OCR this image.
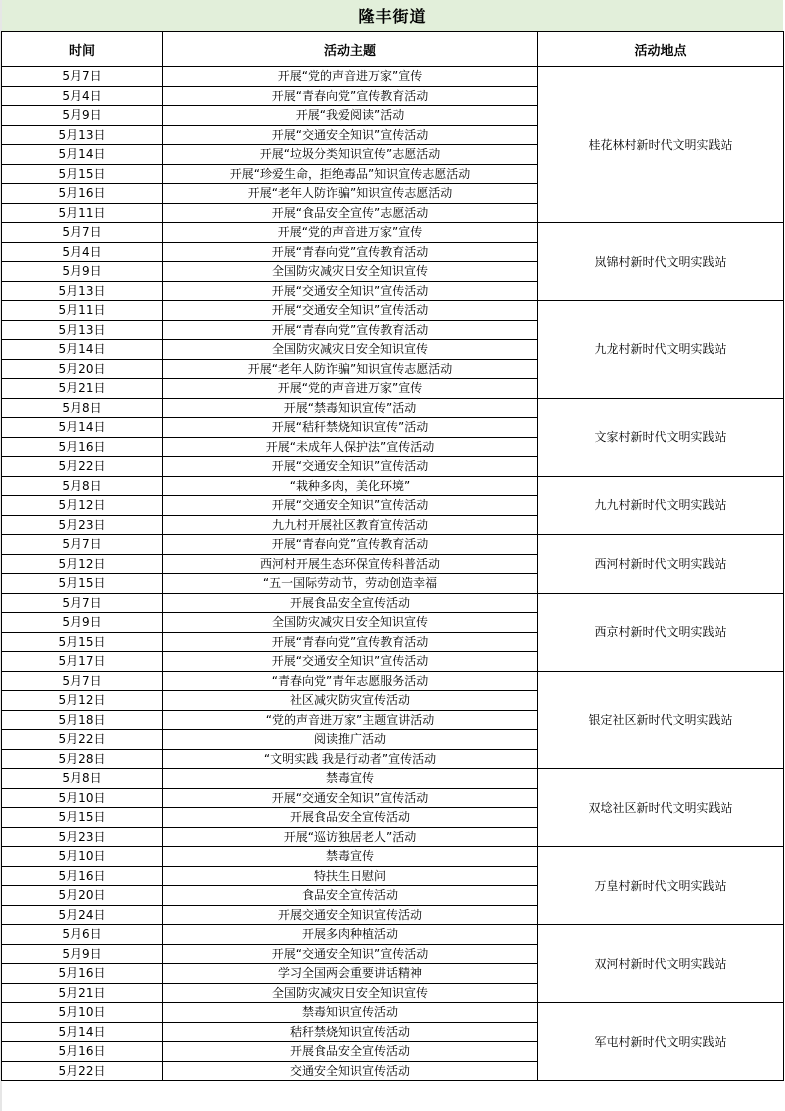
隆丰街道
时间	活动主题	活动地点
5月7日	开展“党的声音进万家”宣传	桂花林村新时代文明实践站
5月4日	开展“青春向党”宣传教育活动	
5月9日	开展“我爱阅读”活动	
5月13日	开展“交通安全知识”宣传活动	
5月14日	开展“垃圾分类知识宣传”志愿活动	
5月15日	开展“珍爱生命，拒绝毒品”知识宣传志愿活动	
5月16日	开展“老年人防诈骗”知识宣传志愿活动	
5月11日	开展“食品安全宣传”志愿活动	
5月7日	开展“党的声音进万家”宣传	岚锦村新时代文明实践站
5月4日	开展“青春向党”宣传教育活动	
5月9日	全国防灾减灾日安全知识宣传	
5月13日	开展“交通安全知识”宣传活动	
5月11日	开展“交通安全知识”宣传活动	九龙村新时代文明实践站
5月13日	开展“青春向党”宣传教育活动	
5月14日	全国防灾减灾日安全知识宣传	
5月20日	开展“老年人防诈骗”知识宣传志愿活动	
5月21日	开展“党的声音进万家”宣传	
5月8日	开展“禁毒知识宣传”活动	文家村新时代文明实践站
5月14日	开展“秸秆禁烧知识宣传”活动	
5月16日	开展“未成年人保护法”宣传活动	
5月22日	开展“交通安全知识”宣传活动	
5月8日	“栽种多肉，美化环境”	九九村新时代文明实践站
5月12日	开展“交通安全知识”宣传活动	
5月23日	九九村开展社区教育宣传活动	
5月7日	开展“青春向党”宣传教育活动	西河村新时代文明实践站
5月12日	西河村开展生态环保宣传科普活动	
5月15日	“五一国际劳动节，劳动创造幸福	
5月7日	开展食品安全宣传活动	西京村新时代文明实践站
5月9日	全国防灾减灾日安全知识宣传	
5月15日	开展“青春向党”宣传教育活动	
5月17日	开展“交通安全知识”宣传活动	
5月7日	“青春向党”青年志愿服务活动	银定社区新时代文明实践站
5月12日	社区减灾防灾宣传活动	
5月18日	“党的声音进万家”主题宣讲活动	
5月22日	阅读推广活动	
5月28日	“文明实践 我是行动者”宣传活动	
5月8日	禁毒宣传	双埝社区新时代文明实践站
5月10日	开展“交通安全知识”宣传活动	
5月15日	开展食品安全宣传活动	
5月23日	开展“巡访独居老人”活动	
5月10日	禁毒宣传	万皇村新时代文明实践站
5月16日	特扶生日慰问	
5月20日	食品安全宣传活动	
5月24日	开展交通安全知识宣传活动	
5月6日	开展多肉种植活动	双河村新时代文明实践站
5月9日	开展“交通安全知识”宣传活动	
5月16日	学习全国两会重要讲话精神	
5月21日	全国防灾减灾日安全知识宣传	
5月10日	禁毒知识宣传活动	军屯村新时代文明实践站
5月14日	秸秆禁烧知识宣传活动	
5月16日	开展食品安全宣传活动	
5月22日	交通安全知识宣传活动	
